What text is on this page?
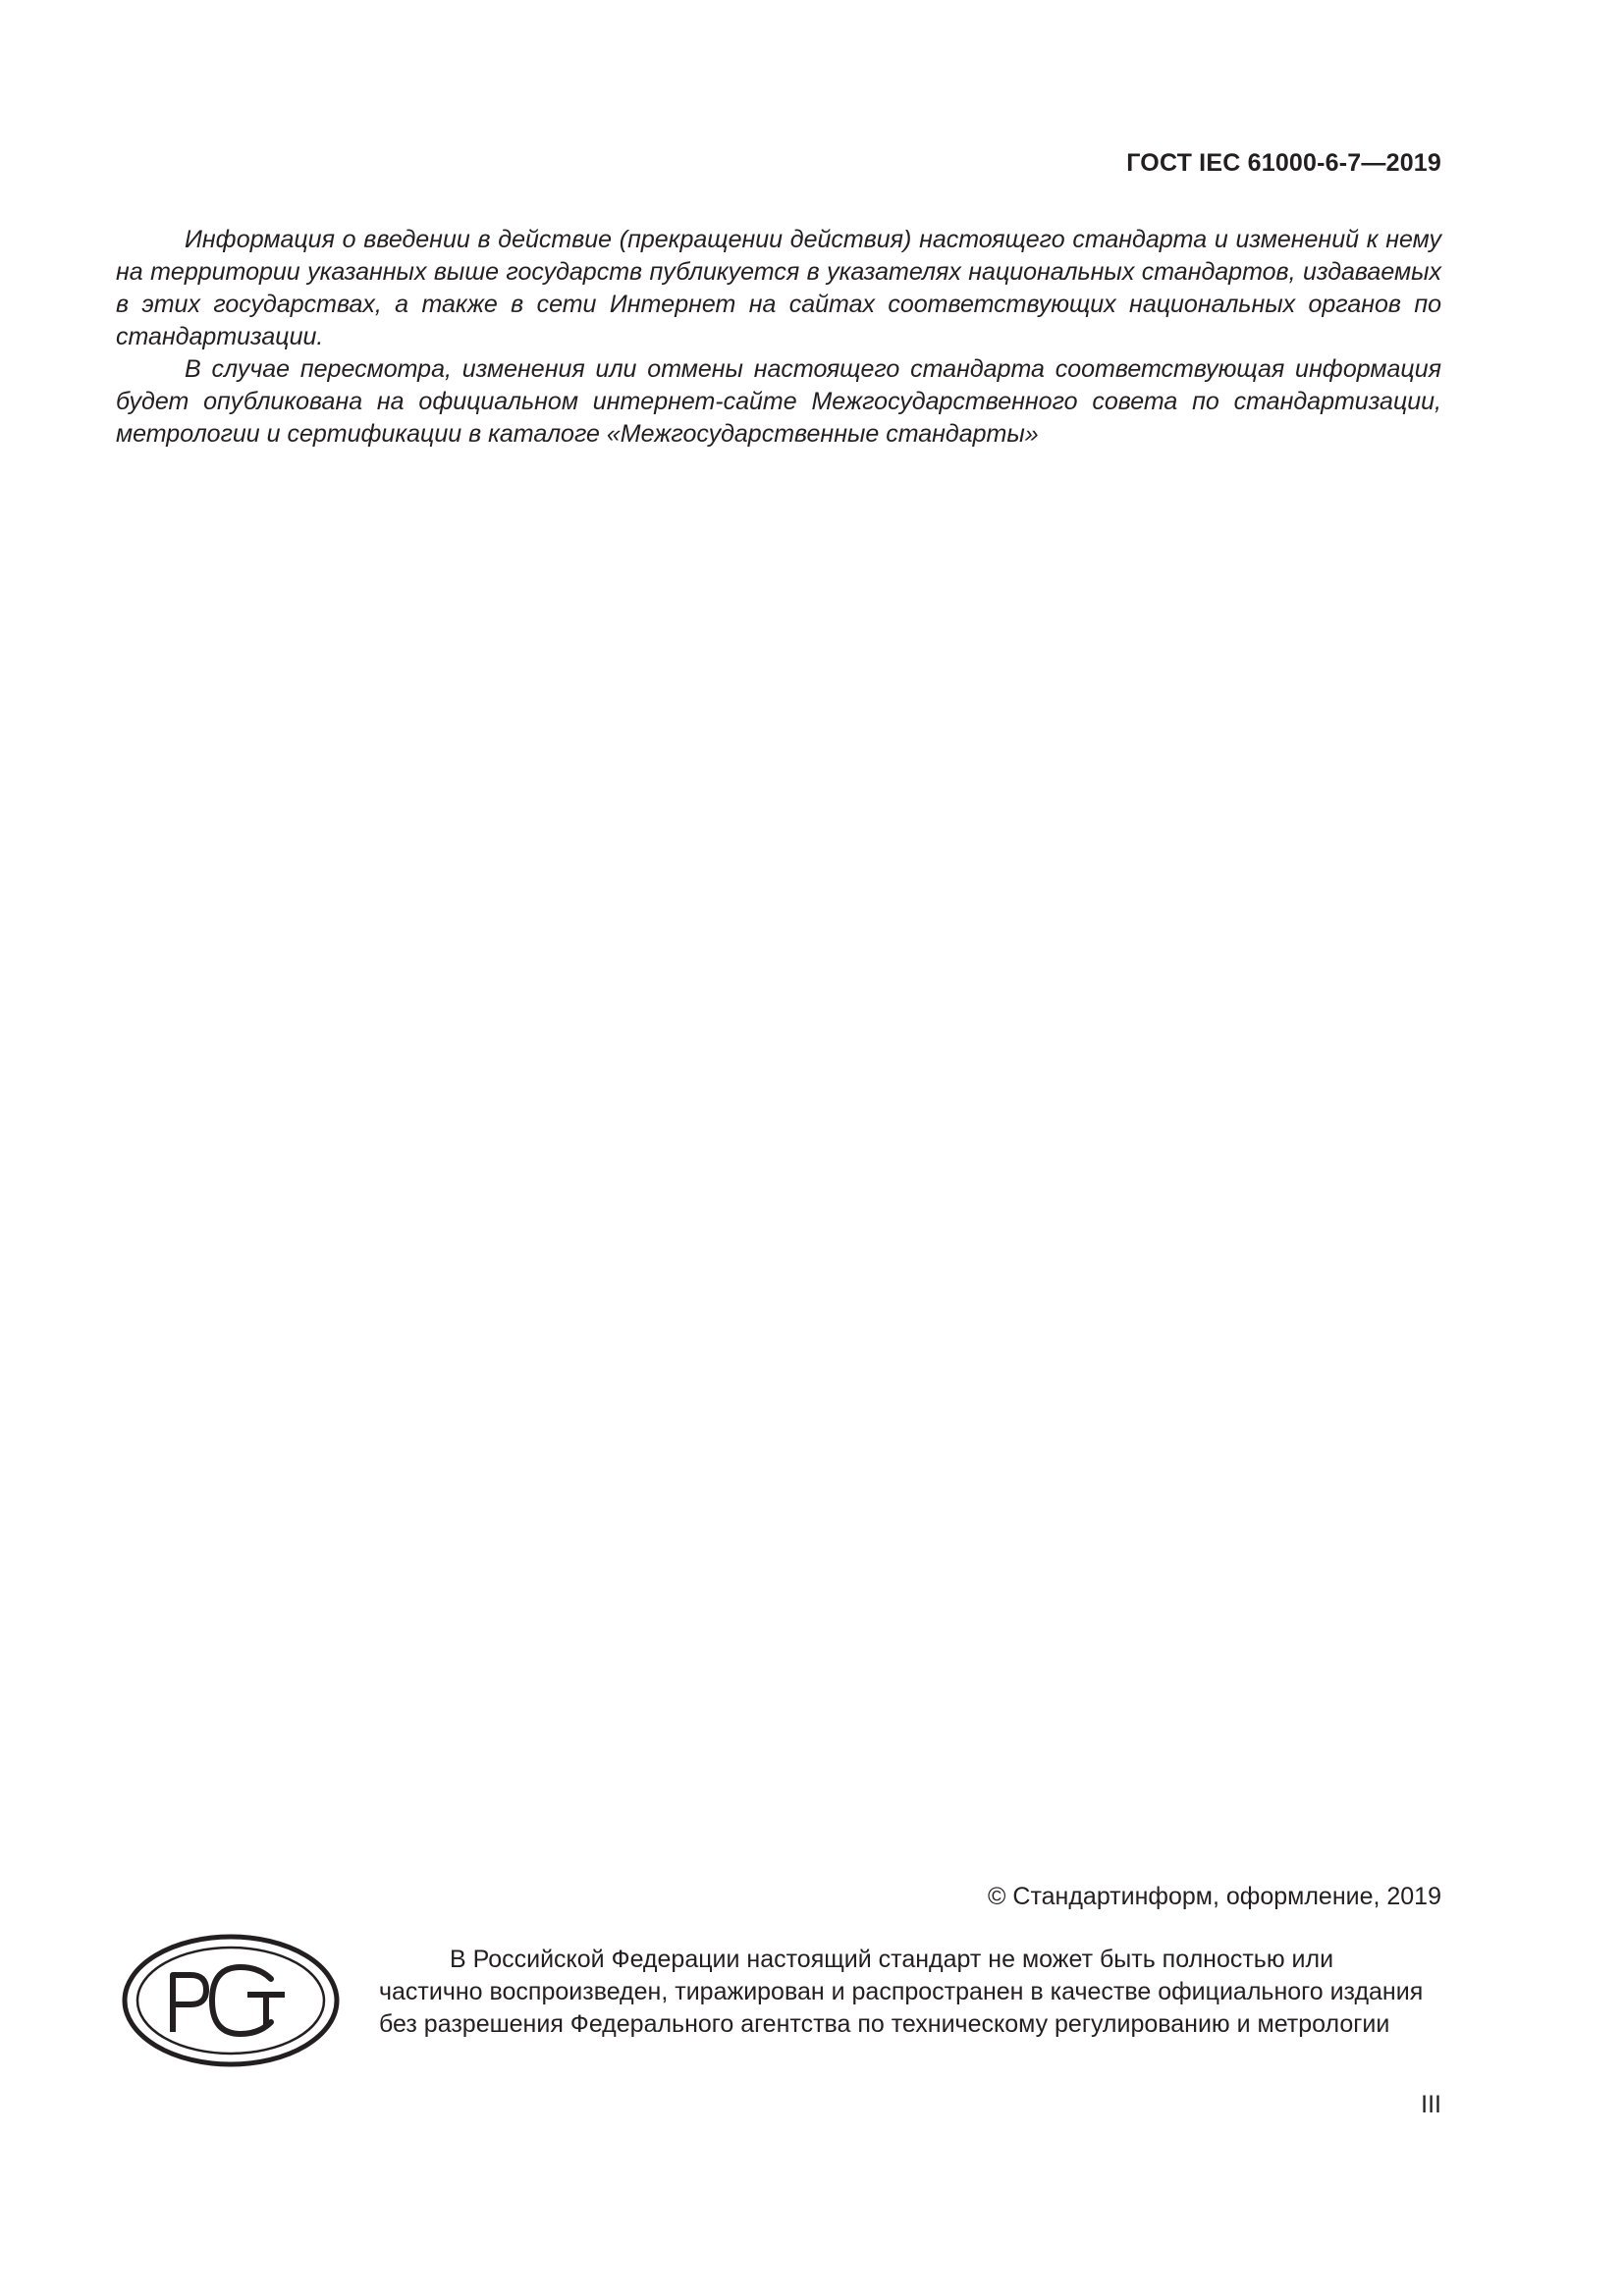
ГОСТ IEC 61000-6-7—2019

Информация о введении в действие (прекращении действия) настоящего стандарта и изменений к нему на территории указанных выше государств публикуется в указателях национальных стандартов, издаваемых в этих государствах, а также в сети Интернет на сайтах соответствующих национальных органов по стандартизации.

В случае пересмотра, изменения или отмены настоящего стандарта соответствующая информация будет опубликована на официальном интернет-сайте Межгосударственного совета по стандартизации, метрологии и сертификации в каталоге «Межгосударственные стандарты»

© Стандартинформ, оформление, 2019

В Российской Федерации настоящий стандарт не может быть полностью или частично воспроизведен, тиражирован и распространен в качестве официального издания без разрешения Федерального агентства по техническому регулированию и метрологии

III
